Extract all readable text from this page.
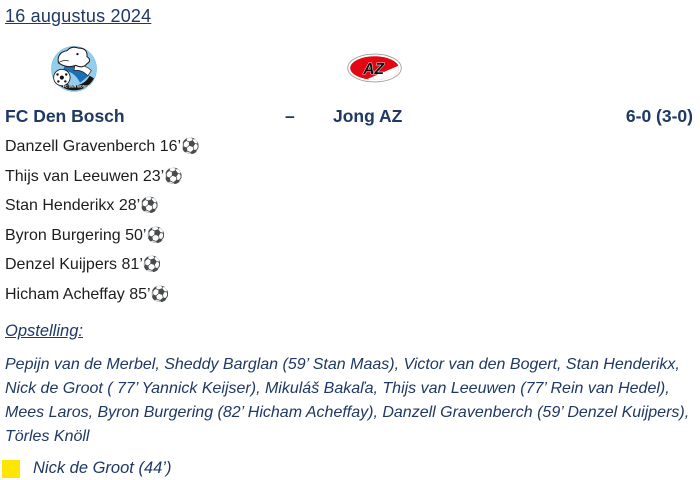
16 augustus 2024
FC DEN BOSCH
AZ
FC Den Bosch	–	Jong AZ	6-0 (3-0)
Danzell Gravenberch 16’⚽
Thijs van Leeuwen 23’⚽
Stan Henderikx 28’⚽
Byron Burgering 50’⚽
Denzel Kuijpers 81’⚽
Hicham Acheffay 85’⚽
Opstelling:
Pepijn van de Merbel, Sheddy Barglan (59’ Stan Maas), Victor van den Bogert, Stan Henderikx, Nick de Groot ( 77’ Yannick Keijser), Mikuláš Bakaľa, Thijs van Leeuwen (77’ Rein van Hedel), Mees Laros, Byron Burgering (82’ Hicham Acheffay), Danzell Gravenberch (59’ Denzel Kuijpers), Törles Knöll
Nick de Groot (44’)
